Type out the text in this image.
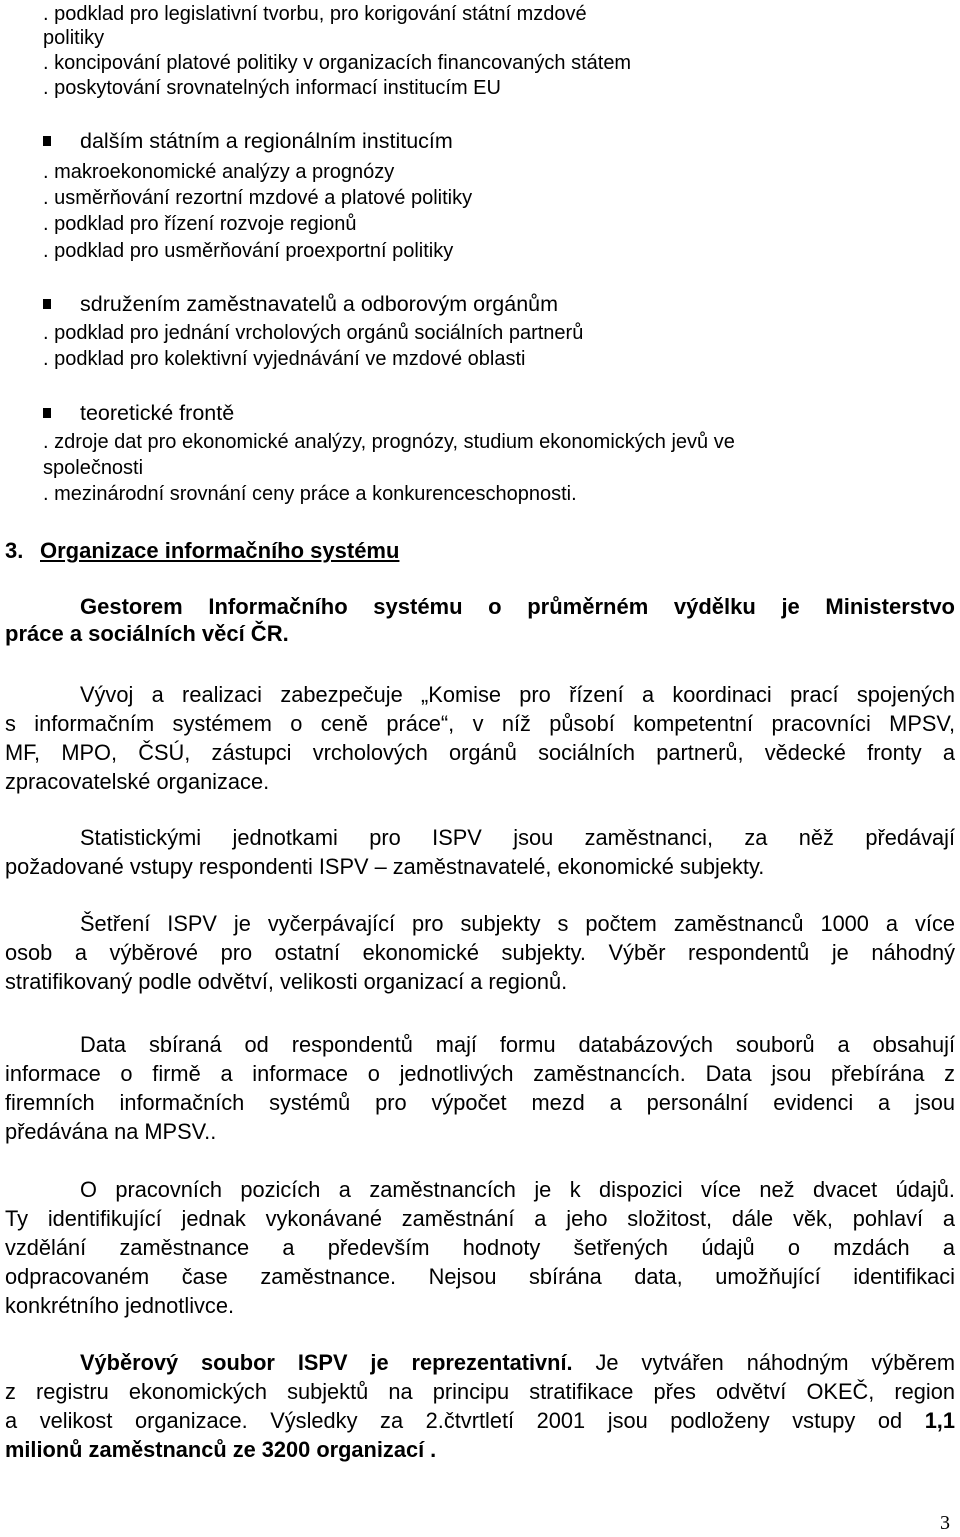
. podklad pro legislativní tvorbu, pro korigování státní mzdové
politiky
. koncipování platové politiky v organizacích financovaných státem
. poskytování srovnatelných informací institucím EU
dalším státním a regionálním institucím
. makroekonomické analýzy a prognózy
. usměrňování rezortní mzdové a platové politiky
. podklad pro řízení rozvoje regionů
. podklad pro usměrňování proexportní politiky
sdružením zaměstnavatelů a odborovým orgánům
. podklad pro jednání vrcholových orgánů sociálních partnerů
. podklad pro kolektivní vyjednávání ve mzdové oblasti
teoretické frontě
. zdroje dat pro ekonomické analýzy, prognózy, studium ekonomických jevů ve
společnosti
. mezinárodní srovnání ceny práce a konkurenceschopnosti.
3. Organizace informačního systému
Gestorem Informačního systému o průměrném výdělku je Ministerstvo
práce a sociálních věcí ČR.
Vývoj a realizaci zabezpečuje „Komise pro řízení a koordinaci prací spojených
s informačním systémem o ceně práce“, v níž působí kompetentní pracovníci MPSV,
MF, MPO, ČSÚ, zástupci vrcholových orgánů sociálních partnerů, vědecké fronty a
zpracovatelské organizace.
Statistickými jednotkami pro ISPV jsou zaměstnanci, za něž předávají
požadované vstupy respondenti ISPV – zaměstnavatelé, ekonomické subjekty.
Šetření ISPV je vyčerpávající pro subjekty s počtem zaměstnanců 1000 a více
osob a výběrové pro ostatní ekonomické subjekty. Výběr respondentů je náhodný
stratifikovaný podle odvětví, velikosti organizací a regionů.
Data sbíraná od respondentů mají formu databázových souborů a obsahují
informace o firmě a informace o jednotlivých zaměstnancích. Data jsou přebírána z
firemních informačních systémů pro výpočet mezd a personální evidenci a jsou
předávána na MPSV..
O pracovních pozicích a zaměstnancích je k dispozici více než dvacet údajů.
Ty identifikující jednak vykonávané zaměstnání a jeho složitost, dále věk, pohlaví a
vzdělání zaměstnance a především hodnoty šetřených údajů o mzdách a
odpracovaném čase zaměstnance. Nejsou sbírána data, umožňující identifikaci
konkrétního jednotlivce.
Výběrový soubor ISPV je reprezentativní. Je vytvářen náhodným výběrem
z registru ekonomických subjektů na principu stratifikace přes odvětví OKEČ, region
a velikost organizace. Výsledky za 2.čtvrtletí 2001 jsou podloženy vstupy od 1,1
milionů zaměstnanců ze 3200 organizací .
3
